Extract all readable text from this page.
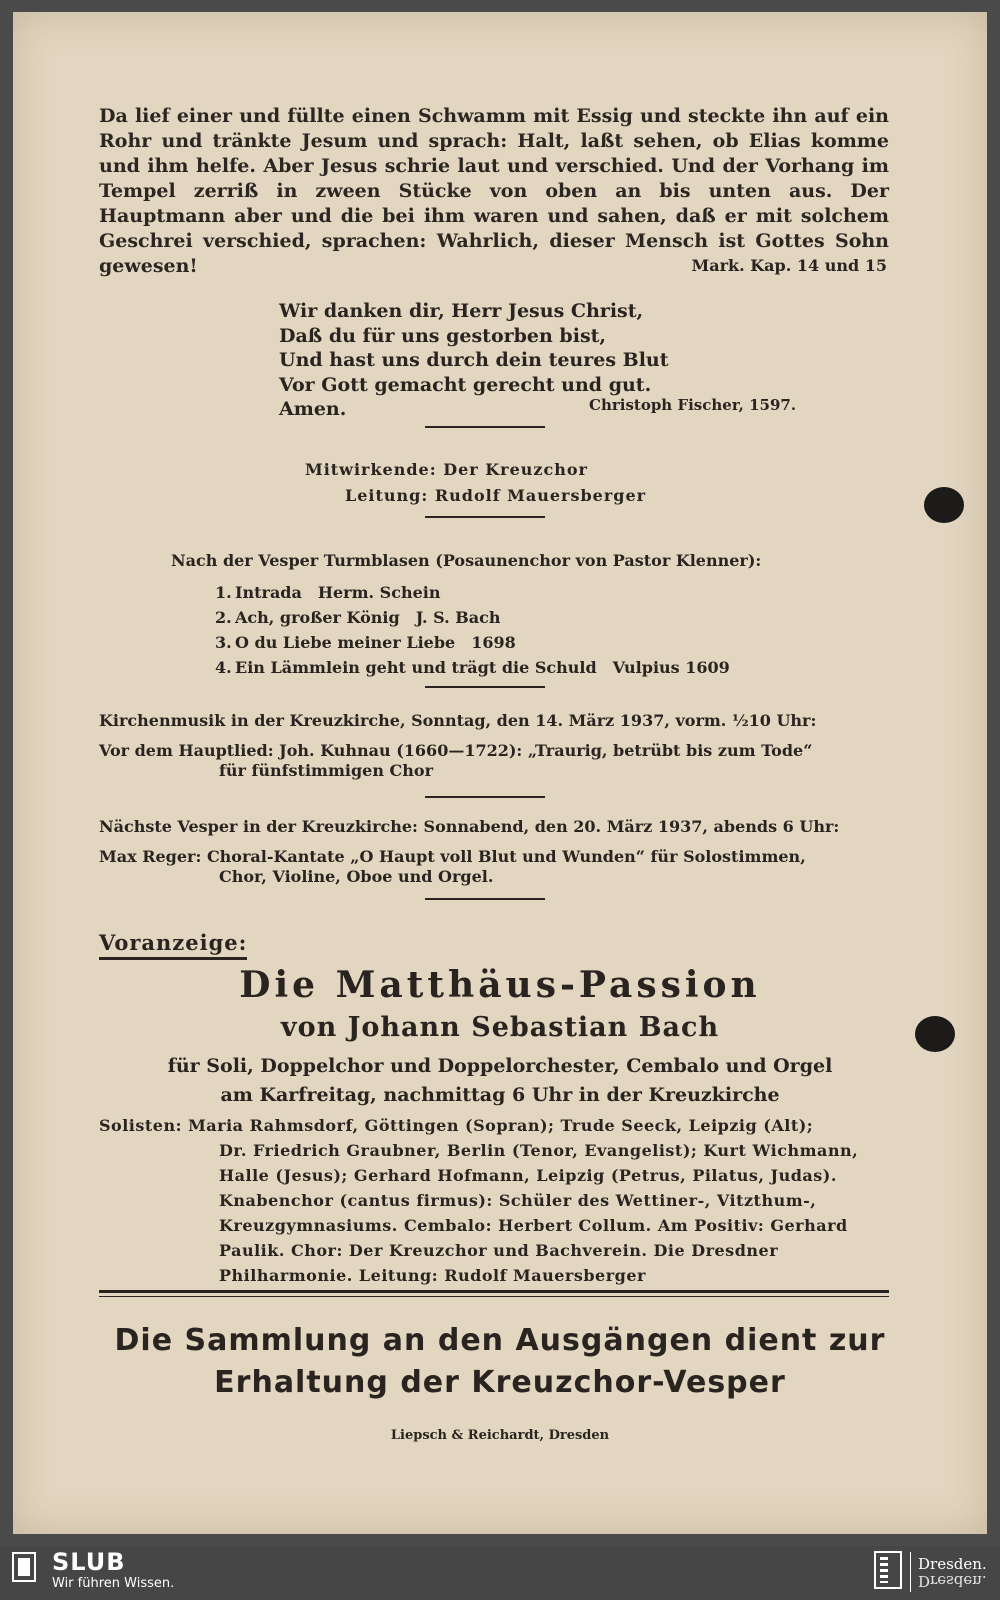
Da lief einer und füllte einen Schwamm mit Essig und steckte ihn auf ein Rohr und tränkte Jesum und sprach: Halt, laßt sehen, ob Elias komme und ihm helfe. Aber Jesus schrie laut und verschied. Und der Vorhang im Tempel zerriß in zween Stücke von oben an bis unten aus. Der Hauptmann aber und die bei ihm waren und sahen, daß er mit solchem Geschrei verschied, sprachen: Wahrlich, dieser Mensch ist Gottes Sohn gewesen!	Mark. Kap. 14 und 15
Wir danken dir, Herr Jesus Christ,
Daß du für uns gestorben bist,
Und hast uns durch dein teures Blut
Vor Gott gemacht gerecht und gut.
Amen.	Christoph Fischer, 1597.
Mitwirkende: Der Kreuzchor
Leitung: Rudolf Mauersberger
Nach der Vesper Turmblasen (Posaunenchor von Pastor Klenner):
1. Intrada Herm. Schein
2. Ach, großer König J. S. Bach
3. O du Liebe meiner Liebe 1698
4. Ein Lämmlein geht und trägt die Schuld Vulpius 1609
Kirchenmusik in der Kreuzkirche, Sonntag, den 14. März 1937, vorm. ½10 Uhr:
Vor dem Hauptlied: Joh. Kuhnau (1660—1722): „Traurig, betrübt bis zum Tode“
für fünfstimmigen Chor
Nächste Vesper in der Kreuzkirche: Sonnabend, den 20. März 1937, abends 6 Uhr:
Max Reger: Choral-Kantate „O Haupt voll Blut und Wunden“ für Solostimmen,
Chor, Violine, Oboe und Orgel.
Voranzeige:
Die Matthäus-Passion
von Johann Sebastian Bach
für Soli, Doppelchor und Doppelorchester, Cembalo und Orgel
am Karfreitag, nachmittag 6 Uhr in der Kreuzkirche
Solisten: Maria Rahmsdorf, Göttingen (Sopran); Trude Seeck, Leipzig (Alt);
Dr. Friedrich Graubner, Berlin (Tenor, Evangelist); Kurt Wichmann,
Halle (Jesus); Gerhard Hofmann, Leipzig (Petrus, Pilatus, Judas).
Knabenchor (cantus firmus): Schüler des Wettiner-, Vitzthum-,
Kreuzgymnasiums. Cembalo: Herbert Collum. Am Positiv: Gerhard
Paulik. Chor: Der Kreuzchor und Bachverein. Die Dresdner
Philharmonie. Leitung: Rudolf Mauersberger
Die Sammlung an den Ausgängen dient zur
Erhaltung der Kreuzchor-Vesper
Liepsch & Reichardt, Dresden
SLUB
Wir führen Wissen.
Dresden.
Dresden.
